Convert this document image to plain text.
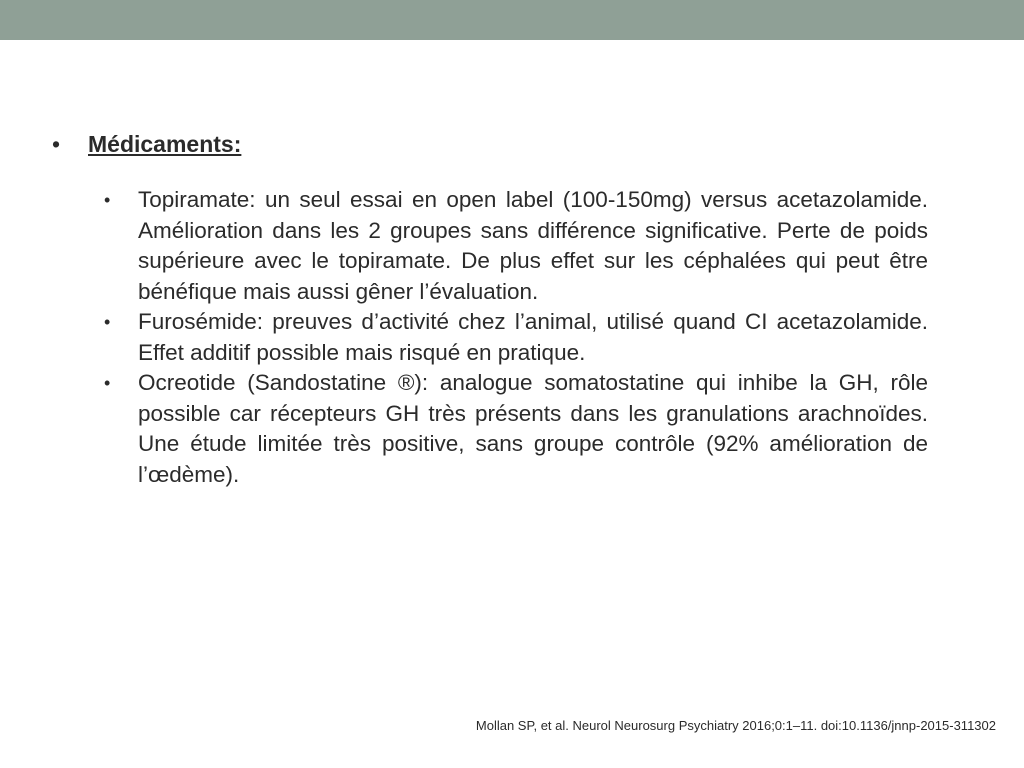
•	Médicaments:
•	Topiramate: un seul essai en open label (100-150mg) versus acetazolamide. Amélioration dans les 2 groupes sans différence significative. Perte de poids supérieure avec le topiramate. De plus effet sur les céphalées qui peut être bénéfique mais aussi gêner l’évaluation.
•	Furosémide: preuves d’activité chez l’animal, utilisé quand CI acetazolamide. Effet additif possible mais risqué en pratique.
•	Ocreotide (Sandostatine ®): analogue somatostatine qui inhibe la GH, rôle possible car récepteurs GH très présents dans les granulations arachnoïdes. Une étude limitée très positive, sans groupe contrôle (92% amélioration de l’œdème).
Mollan SP, et al. Neurol Neurosurg Psychiatry 2016;0:1–11. doi:10.1136/jnnp-2015-311302
